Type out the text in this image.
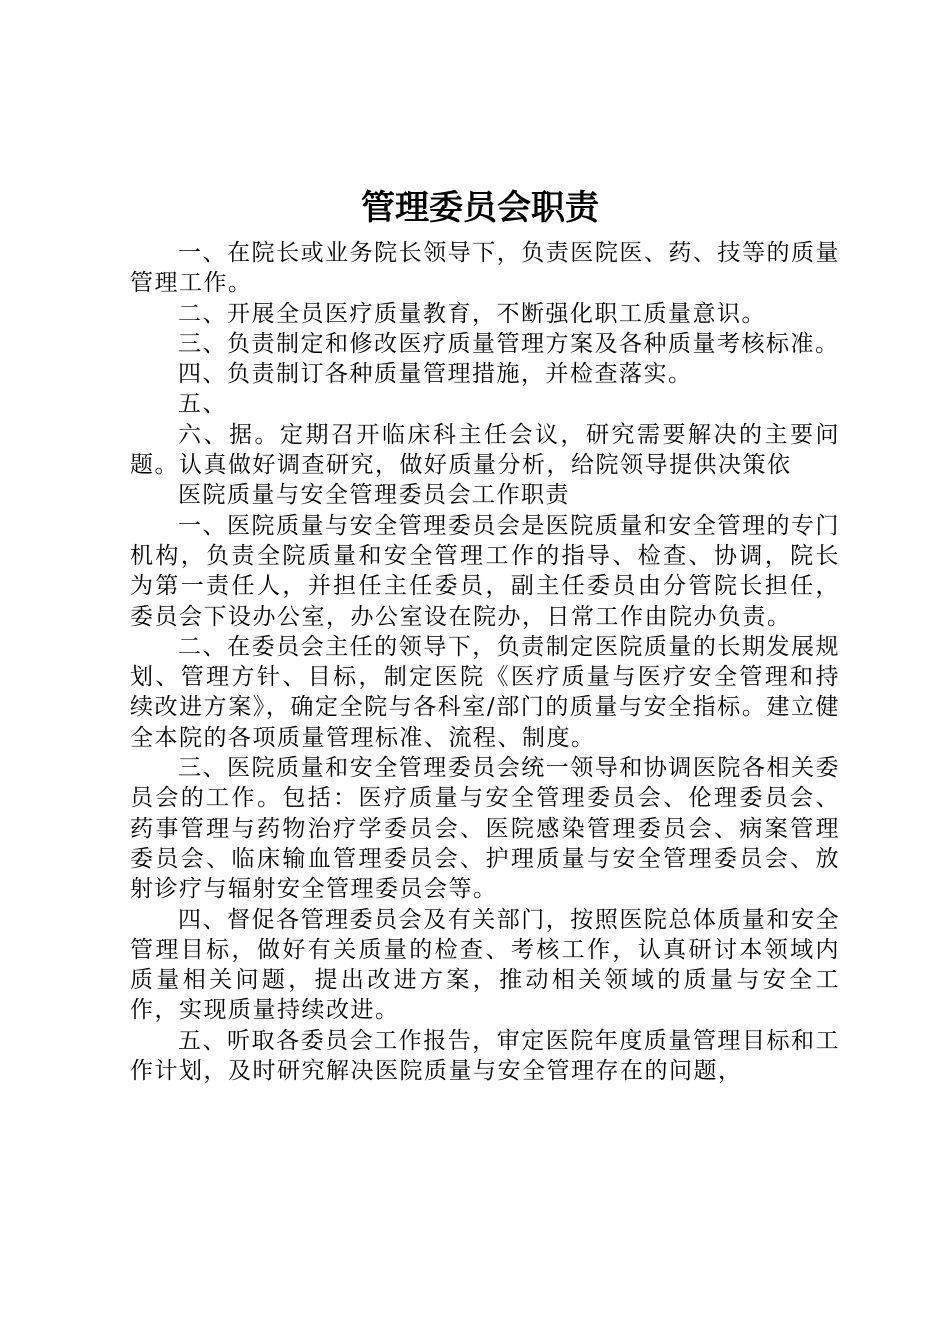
管理委员会职责

一、在院长或业务院长领导下，负责医院医、药、技等的质量管理工作。

二、开展全员医疗质量教育，不断强化职工质量意识。

三、负责制定和修改医疗质量管理方案及各种质量考核标准。

四、负责制订各种质量管理措施，并检查落实。

五、

六、据。定期召开临床科主任会议，研究需要解决的主要问题。认真做好调查研究，做好质量分析，给院领导提供决策依

医院质量与安全管理委员会工作职责

一、医院质量与安全管理委员会是医院质量和安全管理的专门机构，负责全院质量和安全管理工作的指导、检查、协调，院长为第一责任人，并担任主任委员，副主任委员由分管院长担任，委员会下设办公室，办公室设在院办，日常工作由院办负责。

二、在委员会主任的领导下，负责制定医院质量的长期发展规划、管理方针、目标，制定医院《医疗质量与医疗安全管理和持续改进方案》，确定全院与各科室/部门的质量与安全指标。建立健全本院的各项质量管理标准、流程、制度。

三、医院质量和安全管理委员会统一领导和协调医院各相关委员会的工作。包括：医疗质量与安全管理委员会、伦理委员会、药事管理与药物治疗学委员会、医院感染管理委员会、病案管理委员会、临床输血管理委员会、护理质量与安全管理委员会、放射诊疗与辐射安全管理委员会等。

四、督促各管理委员会及有关部门，按照医院总体质量和安全管理目标，做好有关质量的检查、考核工作，认真研讨本领域内质量相关问题，提出改进方案，推动相关领域的质量与安全工作，实现质量持续改进。

五、听取各委员会工作报告，审定医院年度质量管理目标和工作计划，及时研究解决医院质量与安全管理存在的问题，
